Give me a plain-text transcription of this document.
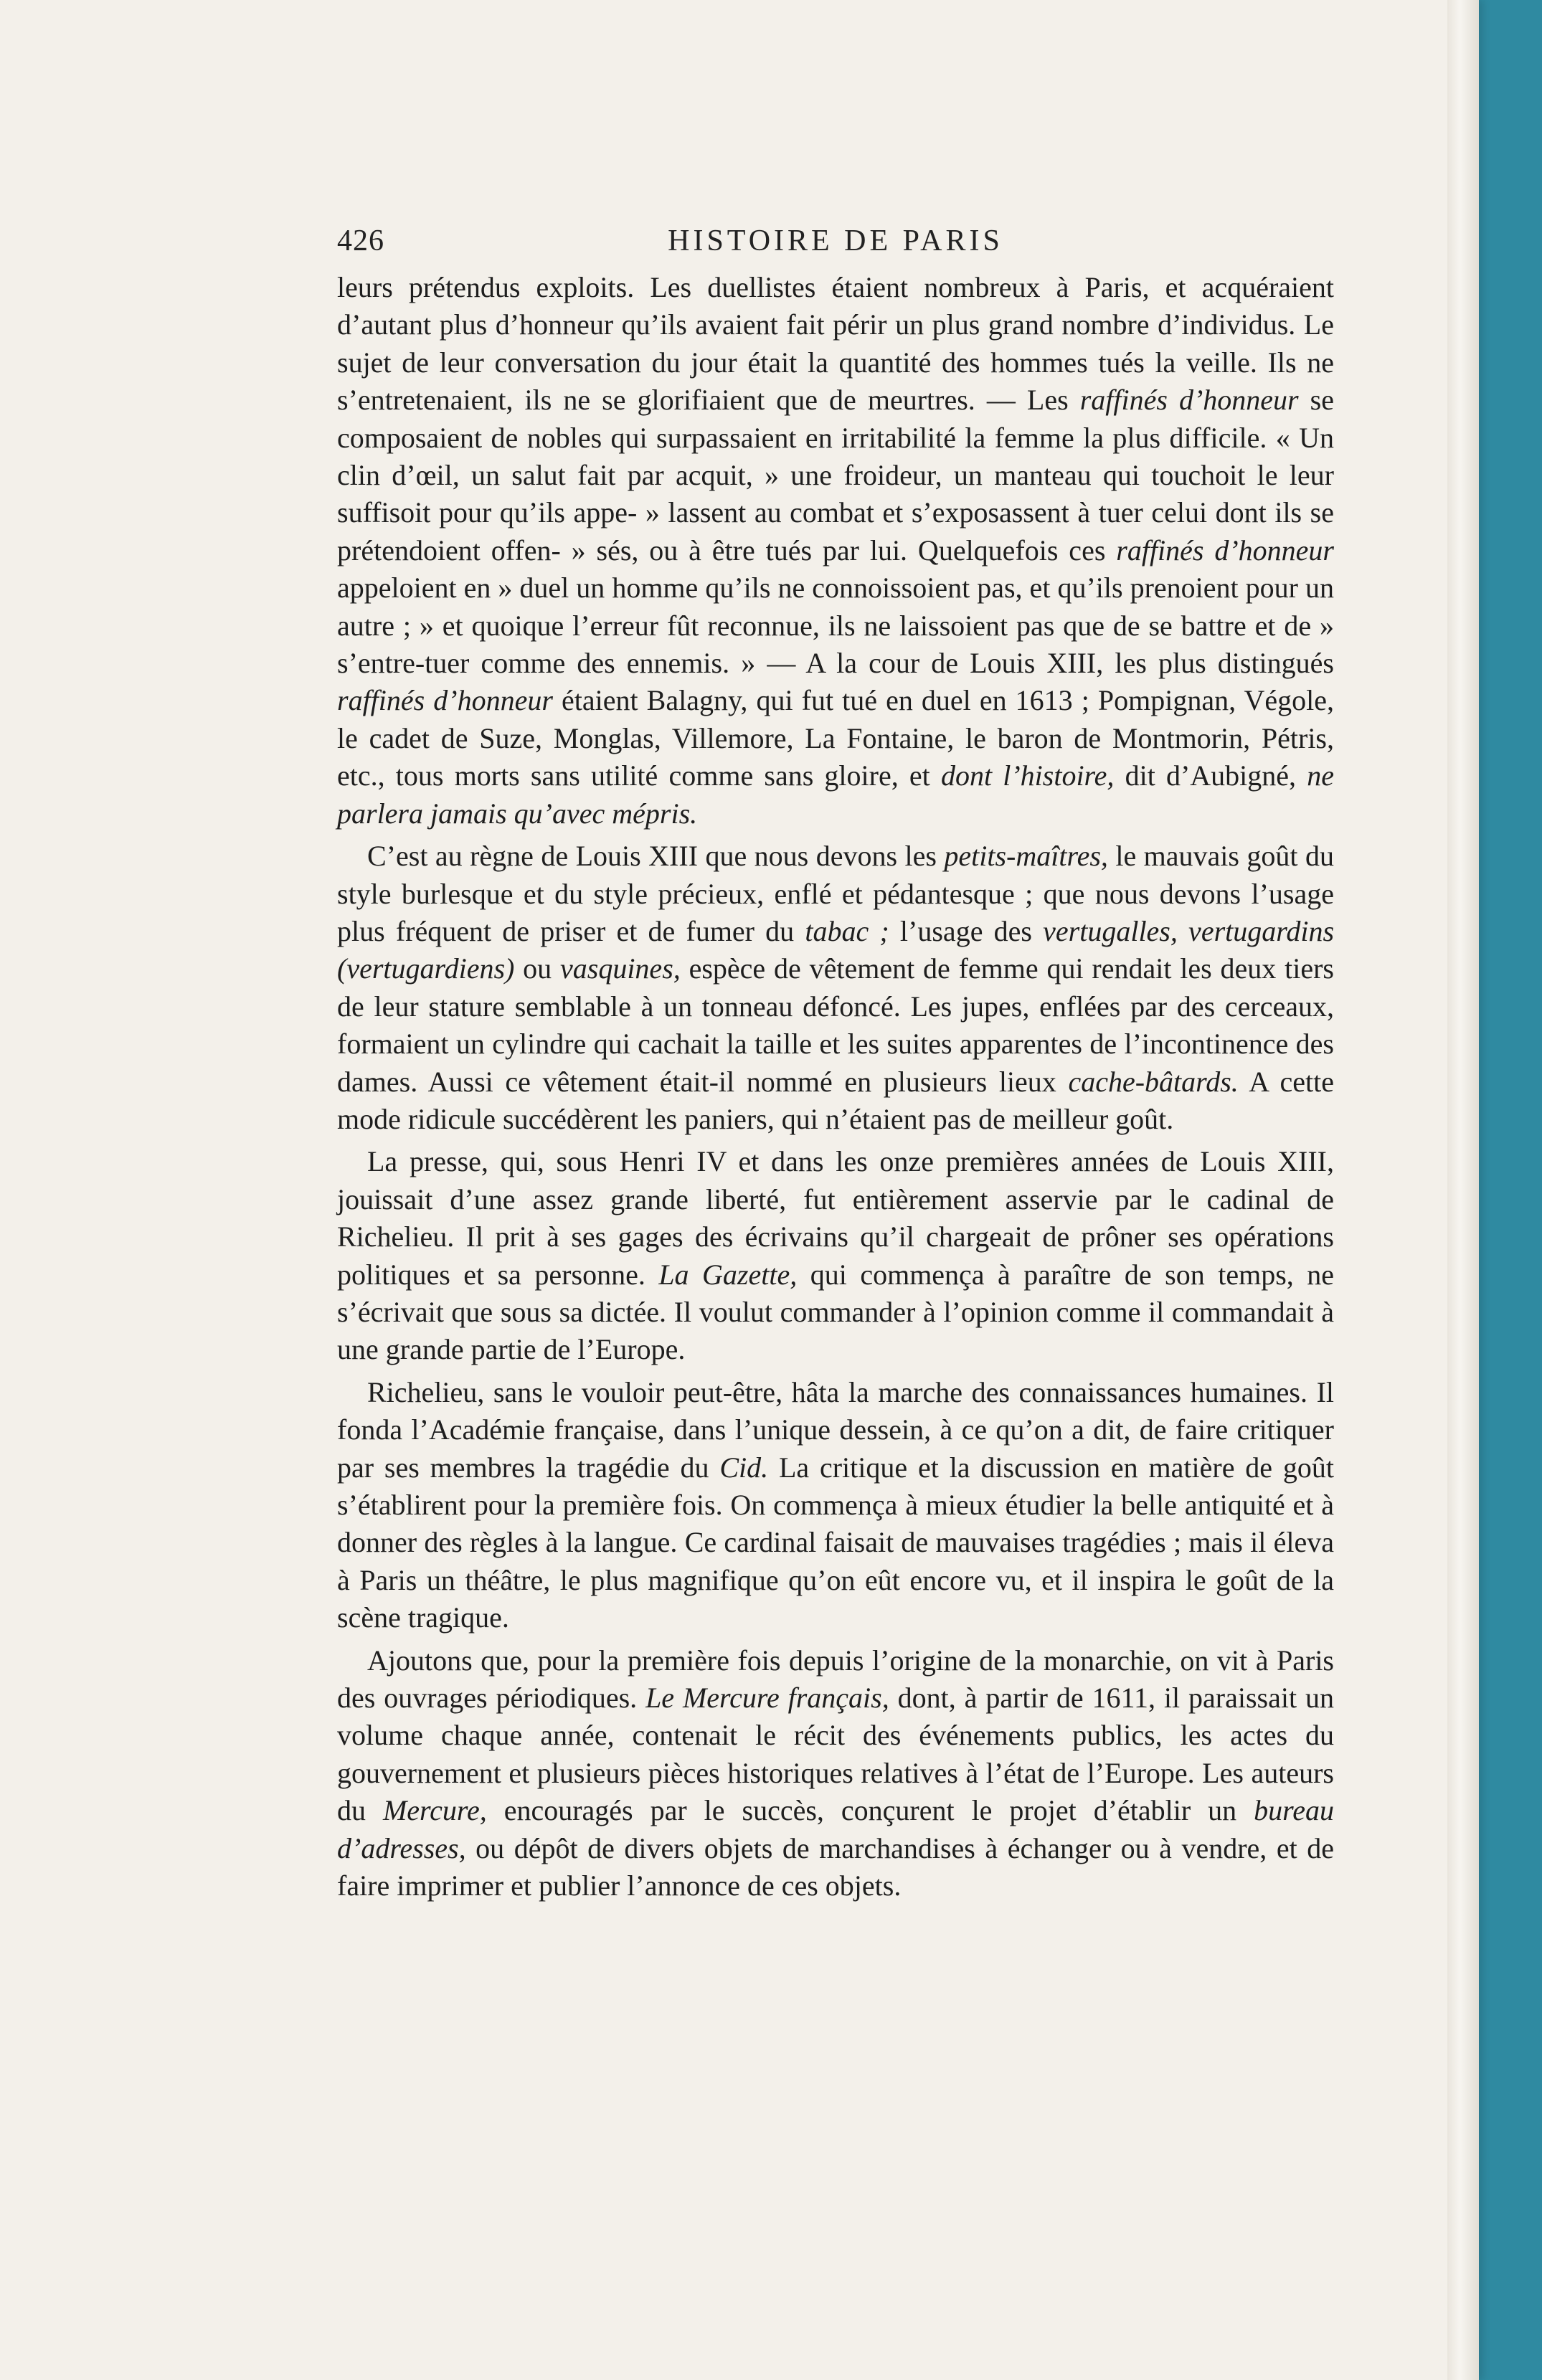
426	HISTOIRE DE PARIS

leurs prétendus exploits. Les duellistes étaient nombreux à Paris, et acquéraient d’autant plus d’honneur qu’ils avaient fait périr un plus grand nombre d’individus. Le sujet de leur conversation du jour était la quantité des hommes tués la veille. Ils ne s’entretenaient, ils ne se glorifiaient que de meurtres. — Les raffinés d’honneur se composaient de nobles qui surpassaient en irritabilité la femme la plus difficile. « Un clin d’œil, un salut fait par acquit, » une froideur, un manteau qui touchoit le leur suffisoit pour qu’ils appe- » lassent au combat et s’exposassent à tuer celui dont ils se prétendoient offen- » sés, ou à être tués par lui. Quelquefois ces raffinés d’honneur appeloient en » duel un homme qu’ils ne connoissoient pas, et qu’ils prenoient pour un autre ; » et quoique l’erreur fût reconnue, ils ne laissoient pas que de se battre et de » s’entre-tuer comme des ennemis. » — A la cour de Louis XIII, les plus distingués raffinés d’honneur étaient Balagny, qui fut tué en duel en 1613 ; Pompignan, Végole, le cadet de Suze, Monglas, Villemore, La Fontaine, le baron de Montmorin, Pétris, etc., tous morts sans utilité comme sans gloire, et dont l’histoire, dit d’Aubigné, ne parlera jamais qu’avec mépris.

C’est au règne de Louis XIII que nous devons les petits-maîtres, le mauvais goût du style burlesque et du style précieux, enflé et pédantesque ; que nous devons l’usage plus fréquent de priser et de fumer du tabac ; l’usage des vertugalles, vertugardins (vertugardiens) ou vasquines, espèce de vêtement de femme qui rendait les deux tiers de leur stature semblable à un tonneau défoncé. Les jupes, enflées par des cerceaux, formaient un cylindre qui cachait la taille et les suites apparentes de l’incontinence des dames. Aussi ce vêtement était-il nommé en plusieurs lieux cache-bâtards. A cette mode ridicule succédèrent les paniers, qui n’étaient pas de meilleur goût.

La presse, qui, sous Henri IV et dans les onze premières années de Louis XIII, jouissait d’une assez grande liberté, fut entièrement asservie par le cadinal de Richelieu. Il prit à ses gages des écrivains qu’il chargeait de prôner ses opérations politiques et sa personne. La Gazette, qui commença à paraître de son temps, ne s’écrivait que sous sa dictée. Il voulut commander à l’opinion comme il commandait à une grande partie de l’Europe.

Richelieu, sans le vouloir peut-être, hâta la marche des connaissances humaines. Il fonda l’Académie française, dans l’unique dessein, à ce qu’on a dit, de faire critiquer par ses membres la tragédie du Cid. La critique et la discussion en matière de goût s’établirent pour la première fois. On commença à mieux étudier la belle antiquité et à donner des règles à la langue. Ce cardinal faisait de mauvaises tragédies ; mais il éleva à Paris un théâtre, le plus magnifique qu’on eût encore vu, et il inspira le goût de la scène tragique.

Ajoutons que, pour la première fois depuis l’origine de la monarchie, on vit à Paris des ouvrages périodiques. Le Mercure français, dont, à partir de 1611, il paraissait un volume chaque année, contenait le récit des événements publics, les actes du gouvernement et plusieurs pièces historiques relatives à l’état de l’Europe. Les auteurs du Mercure, encouragés par le succès, conçurent le projet d’établir un bureau d’adresses, ou dépôt de divers objets de marchandises à échanger ou à vendre, et de faire imprimer et publier l’annonce de ces objets.
